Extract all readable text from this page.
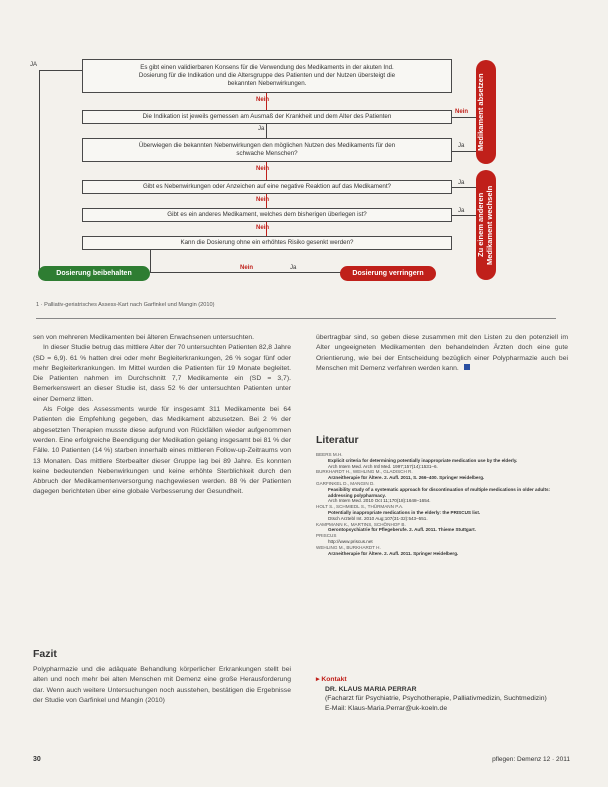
JA	Es gibt einen validierbaren Konsens für die Verwendung des Medikaments in der akuten Ind.
Dosierung für die Indikation und die Altersgruppe des Patienten und der Nutzen übersteigt die
bekannten Nebenwirkungen.
Nein
Die Indikation ist jeweils gemessen am Ausmaß der Krankheit und dem Alter des Patienten
Ja
Nein
Überwiegen die bekannten Nebenwirkungen den möglichen Nutzen des Medikaments für den
schwache Menschen?
Ja
Nein
Gibt es Nebenwirkungen oder Anzeichen auf eine negative Reaktion auf das Medikament?	Ja
Nein
Gibt es ein anderes Medikament, welches dem bisherigen überlegen ist?	Ja
Nein
Kann die Dosierung ohne ein erhöhtes Risiko gesenkt werden?
Dosierung beibehalten
Nein	Ja
Dosierung verringern
Medikament absetzen
Zu einem anderen Medikament wechseln
1 · Palliativ-geriatrisches Assess-Kart nach Garfinkel und Mangin (2010)

sen von mehreren Medikamenten bei älteren Erwachsenen untersuchten.

In dieser Studie betrug das mittlere Alter der 70 untersuchten Patienten 82,8 Jahre (SD = 6,9). 61 % hatten drei oder mehr Begleiterkrankungen, 26 % sogar fünf oder mehr Begleiterkrankungen. Im Mittel wurden die Patienten für 19 Monate begleitet. Die Patienten nahmen im Durchschnitt 7,7 Medikamente ein (SD = 3,7). Bemerkenswert an dieser Studie ist, dass 52 % der untersuchten Patienten unter einer Demenz litten.

Als Folge des Assessments wurde für insgesamt 311 Medikamente bei 64 Patienten die Empfehlung gegeben, das Medikament abzusetzen. Bei 2 % der abgesetzten Therapien musste diese aufgrund von Rückfällen wieder aufgenommen werden. Eine erfolgreiche Beendigung der Medikation gelang insgesamt bei 81 % der Fälle. 10 Patienten (14 %) starben innerhalb eines mittleren Follow-up-Zeitraums von 13 Monaten. Das mittlere Sterbealter dieser Gruppe lag bei 89 Jahre. Es konnten keine bedeutenden Nebenwirkungen und keine erhöhte Sterblichkeit durch den Abbruch der Medikamentenversorgung nachgewiesen werden. 88 % der Patienten dagegen berichteten über eine globale Verbesserung der Gesundheit.

Fazit
Polypharmazie und die adäquate Behandlung körperlicher Erkrankungen stellt bei alten und noch mehr bei alten Menschen mit Demenz eine große Herausforderung dar. Wenn auch weitere Untersuchungen noch ausstehen, bestätigen die Ergebnisse der Studie von Garfinkel und Mangin (2010)
übertragbar sind, so geben diese zusammen mit den Listen zu den potenziell im Alter ungeeigneten Medikamenten den behandelnden Ärzten doch eine gute Orientierung, wie bei der Entscheidung bezüglich einer Polypharmazie auch bei Menschen mit Demenz verfahren werden kann.
Literatur
BEERS M.H.
Explicit criteria for determining potentially inappropriate medication use by the elderly.
Arch Intern Med. Arch Intl Med. 1997;157(14):1531–6.
BURKHARDT H., WEHLING M., GLADISCH R.
Arzneitherapie für Ältere. 2. Aufl. 2011, S. 266–400. Springer Heidelberg.
GARFINKEL D., MANGIN D.
Feasibility study of a systematic approach for discontinuation of multiple medications in older adults: addressing polypharmacy.
Arch Intern Med. 2010 Oct 11;170(18):1648–1654.
HOLT S., SCHMIEDL S., THÜRMANN P.A.
Potentially inappropriate medications in the elderly: the PRISCUS list.
Dtsch Arztebl Int. 2010 Aug;107(31-32):543–551.
KAMPMANN K., MARTINS, SCHÖNHOF B.
Gerontopsychiatrie für Pflegeberufe. 2. Aufl. 2011. Thieme Stuttgart.
PRISCUS
http://www.priscus.net
WEHLING M., BURKHARDT H.
Arzneitherapie für Ältere. 2. Aufl. 2011. Springer Heidelberg.
▸ Kontakt
DR. KLAUS MARIA PERRAR
(Facharzt für Psychiatrie, Psychotherapie, Palliativmedizin, Suchtmedizin)
E-Mail: Klaus-Maria.Perrar@uk-koeln.de
30	pflegen: Demenz 12 · 2011
